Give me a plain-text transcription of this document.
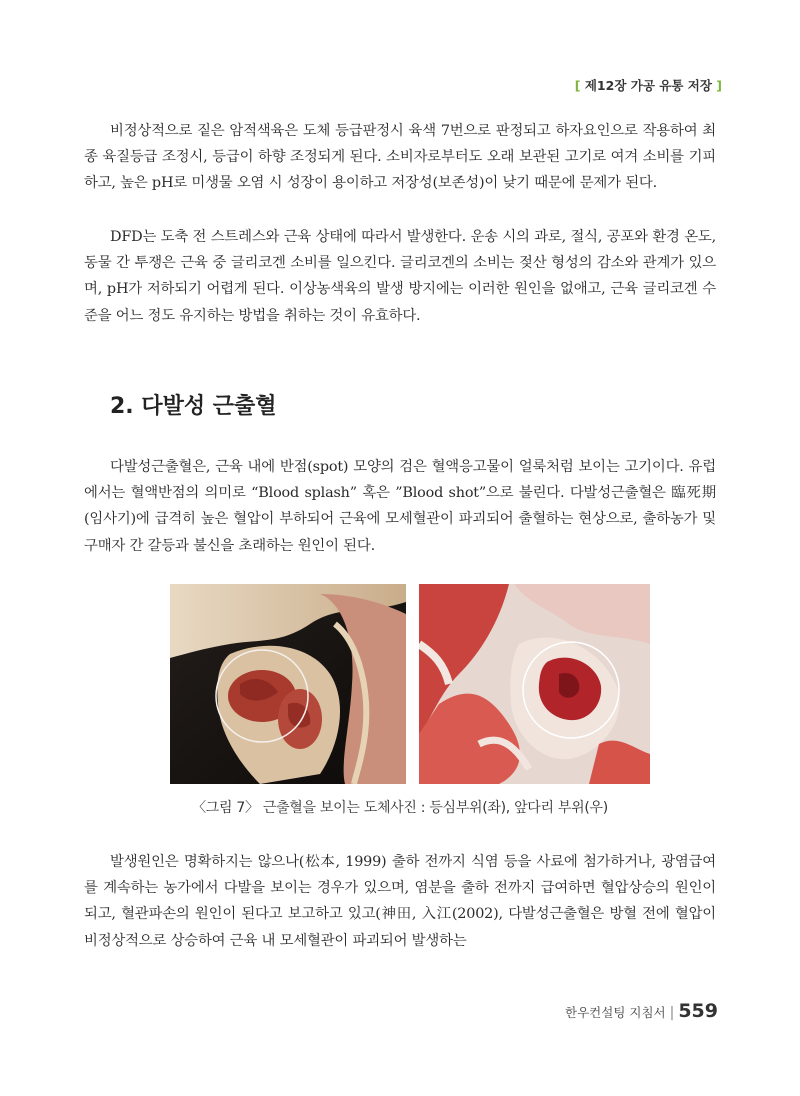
[ 제12장 가공 유통 저장 ]

비정상적으로 짙은 암적색육은 도체 등급판정시 육색 7번으로 판정되고 하자요인으로 작용하여 최종 육질등급 조정시, 등급이 하향 조정되게 된다. 소비자로부터도 오래 보관된 고기로 여겨 소비를 기피하고, 높은 pH로 미생물 오염 시 성장이 용이하고 저장성(보존성)이 낮기 때문에 문제가 된다.

DFD는 도축 전 스트레스와 근육 상태에 따라서 발생한다. 운송 시의 과로, 절식, 공포와 환경 온도, 동물 간 투쟁은 근육 중 글리코겐 소비를 일으킨다. 글리코겐의 소비는 젖산 형성의 감소와 관계가 있으며, pH가 저하되기 어렵게 된다. 이상농색육의 발생 방지에는 이러한 원인을 없애고, 근육 글리코겐 수준을 어느 정도 유지하는 방법을 취하는 것이 유효하다.

2. 다발성 근출혈

다발성근출혈은, 근육 내에 반점(spot) 모양의 검은 혈액응고물이 얼룩처럼 보이는 고기이다. 유럽에서는 혈액반점의 의미로 “Blood splash” 혹은 ”Blood shot”으로 불린다. 다발성근출혈은 臨死期(임사기)에 급격히 높은 혈압이 부하되어 근육에 모세혈관이 파괴되어 출혈하는 현상으로, 출하농가 및 구매자 간 갈등과 불신을 초래하는 원인이 된다.

〈그림 7〉 근출혈을 보이는 도체사진 : 등심부위(좌), 앞다리 부위(우)

발생원인은 명확하지는 않으나(松本, 1999) 출하 전까지 식염 등을 사료에 첨가하거나, 광염급여를 계속하는 농가에서 다발을 보이는 경우가 있으며, 염분을 출하 전까지 급여하면 혈압상승의 원인이 되고, 혈관파손의 원인이 된다고 보고하고 있고(神田, 入江(2002), 다발성근출혈은 방혈 전에 혈압이 비정상적으로 상승하여 근육 내 모세혈관이 파괴되어 발생하는

한우컨설팅 지침서 | 559
